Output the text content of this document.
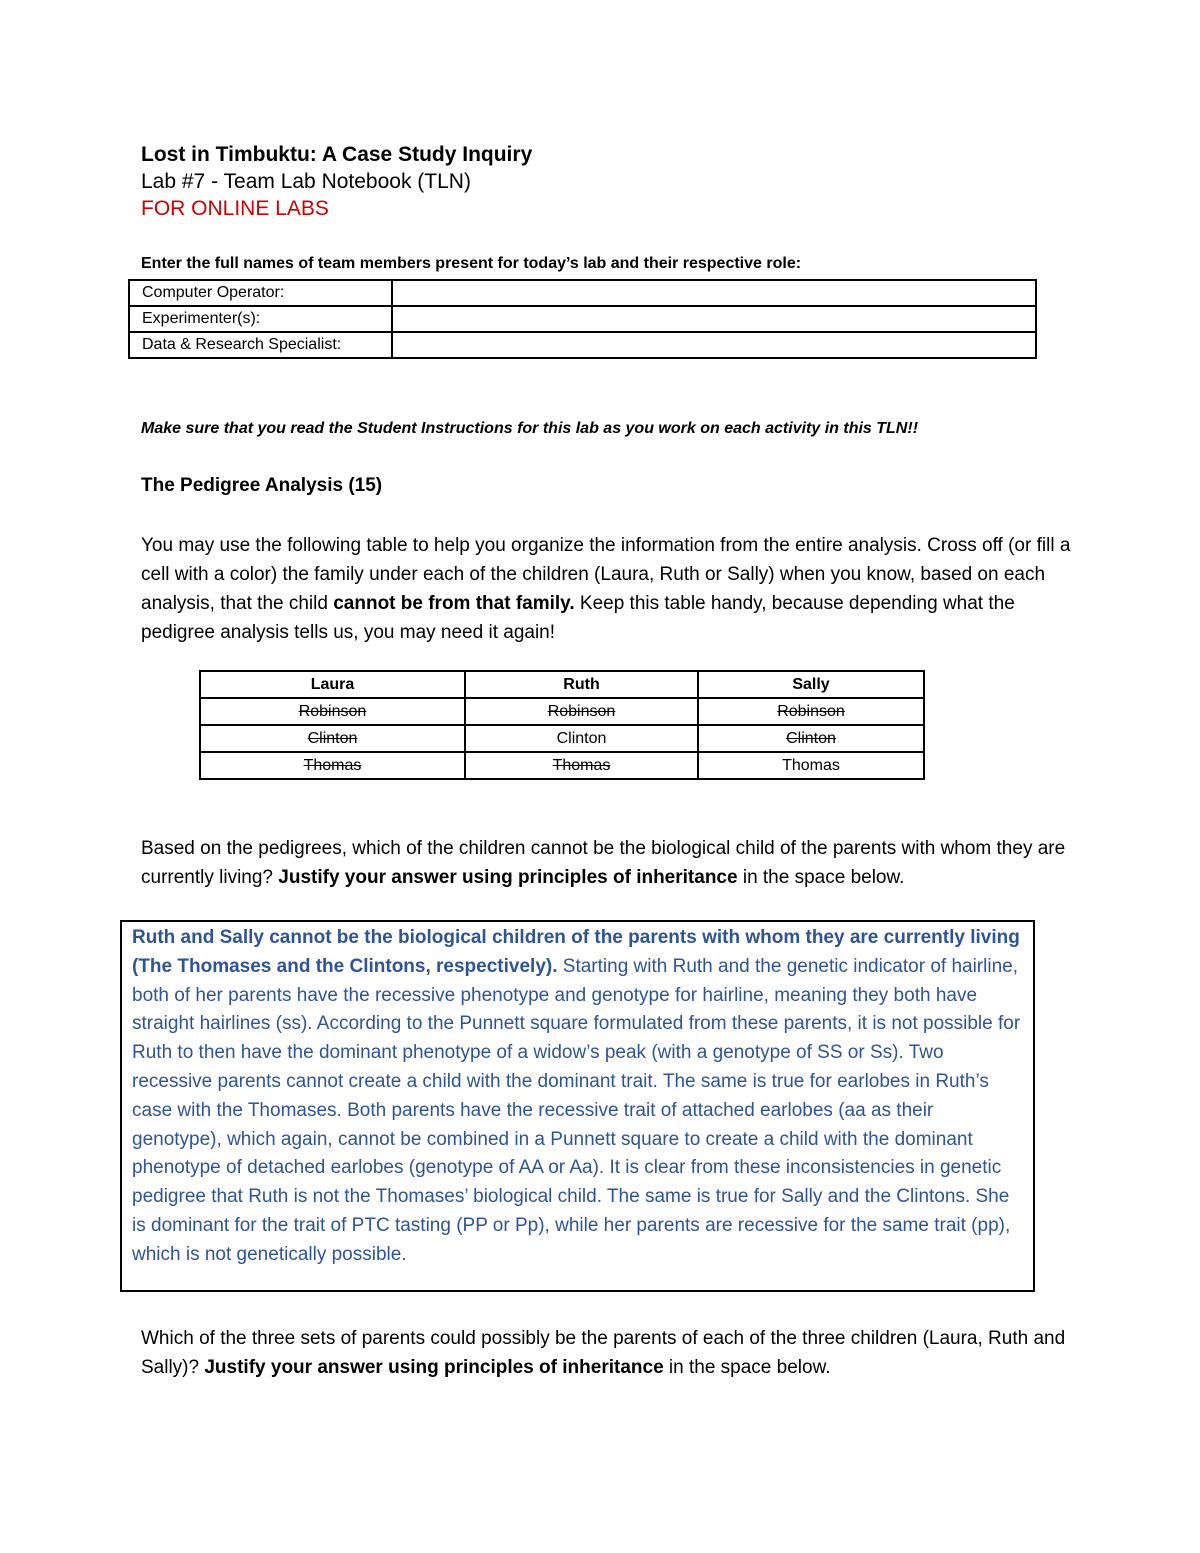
Lost in Timbuktu: A Case Study Inquiry
Lab #7 - Team Lab Notebook (TLN)
FOR ONLINE LABS
Enter the full names of team members present for today’s lab and their respective role:
Computer Operator:	
Experimenter(s):	
Data & Research Specialist:	
Make sure that you read the Student Instructions for this lab as you work on each activity in this TLN!!
The Pedigree Analysis (15)
You may use the following table to help you organize the information from the entire analysis. Cross off (or fill a cell with a color) the family under each of the children (Laura, Ruth or Sally) when you know, based on each analysis, that the child cannot be from that family. Keep this table handy, because depending what the pedigree analysis tells us, you may need it again!
Laura	Ruth	Sally
Robinson	Robinson	Robinson
Clinton	Clinton	Clinton
Thomas	Thomas	Thomas
Based on the pedigrees, which of the children cannot be the biological child of the parents with whom they are currently living? Justify your answer using principles of inheritance in the space below.
Ruth and Sally cannot be the biological children of the parents with whom they are currently living (The Thomases and the Clintons, respectively). Starting with Ruth and the genetic indicator of hairline, both of her parents have the recessive phenotype and genotype for hairline, meaning they both have straight hairlines (ss). According to the Punnett square formulated from these parents, it is not possible for Ruth to then have the dominant phenotype of a widow’s peak (with a genotype of SS or Ss). Two recessive parents cannot create a child with the dominant trait. The same is true for earlobes in Ruth’s case with the Thomases. Both parents have the recessive trait of attached earlobes (aa as their genotype), which again, cannot be combined in a Punnett square to create a child with the dominant phenotype of detached earlobes (genotype of AA or Aa). It is clear from these inconsistencies in genetic pedigree that Ruth is not the Thomases’ biological child. The same is true for Sally and the Clintons. She is dominant for the trait of PTC tasting (PP or Pp), while her parents are recessive for the same trait (pp), which is not genetically possible.
Which of the three sets of parents could possibly be the parents of each of the three children (Laura, Ruth and Sally)? Justify your answer using principles of inheritance in the space below.
